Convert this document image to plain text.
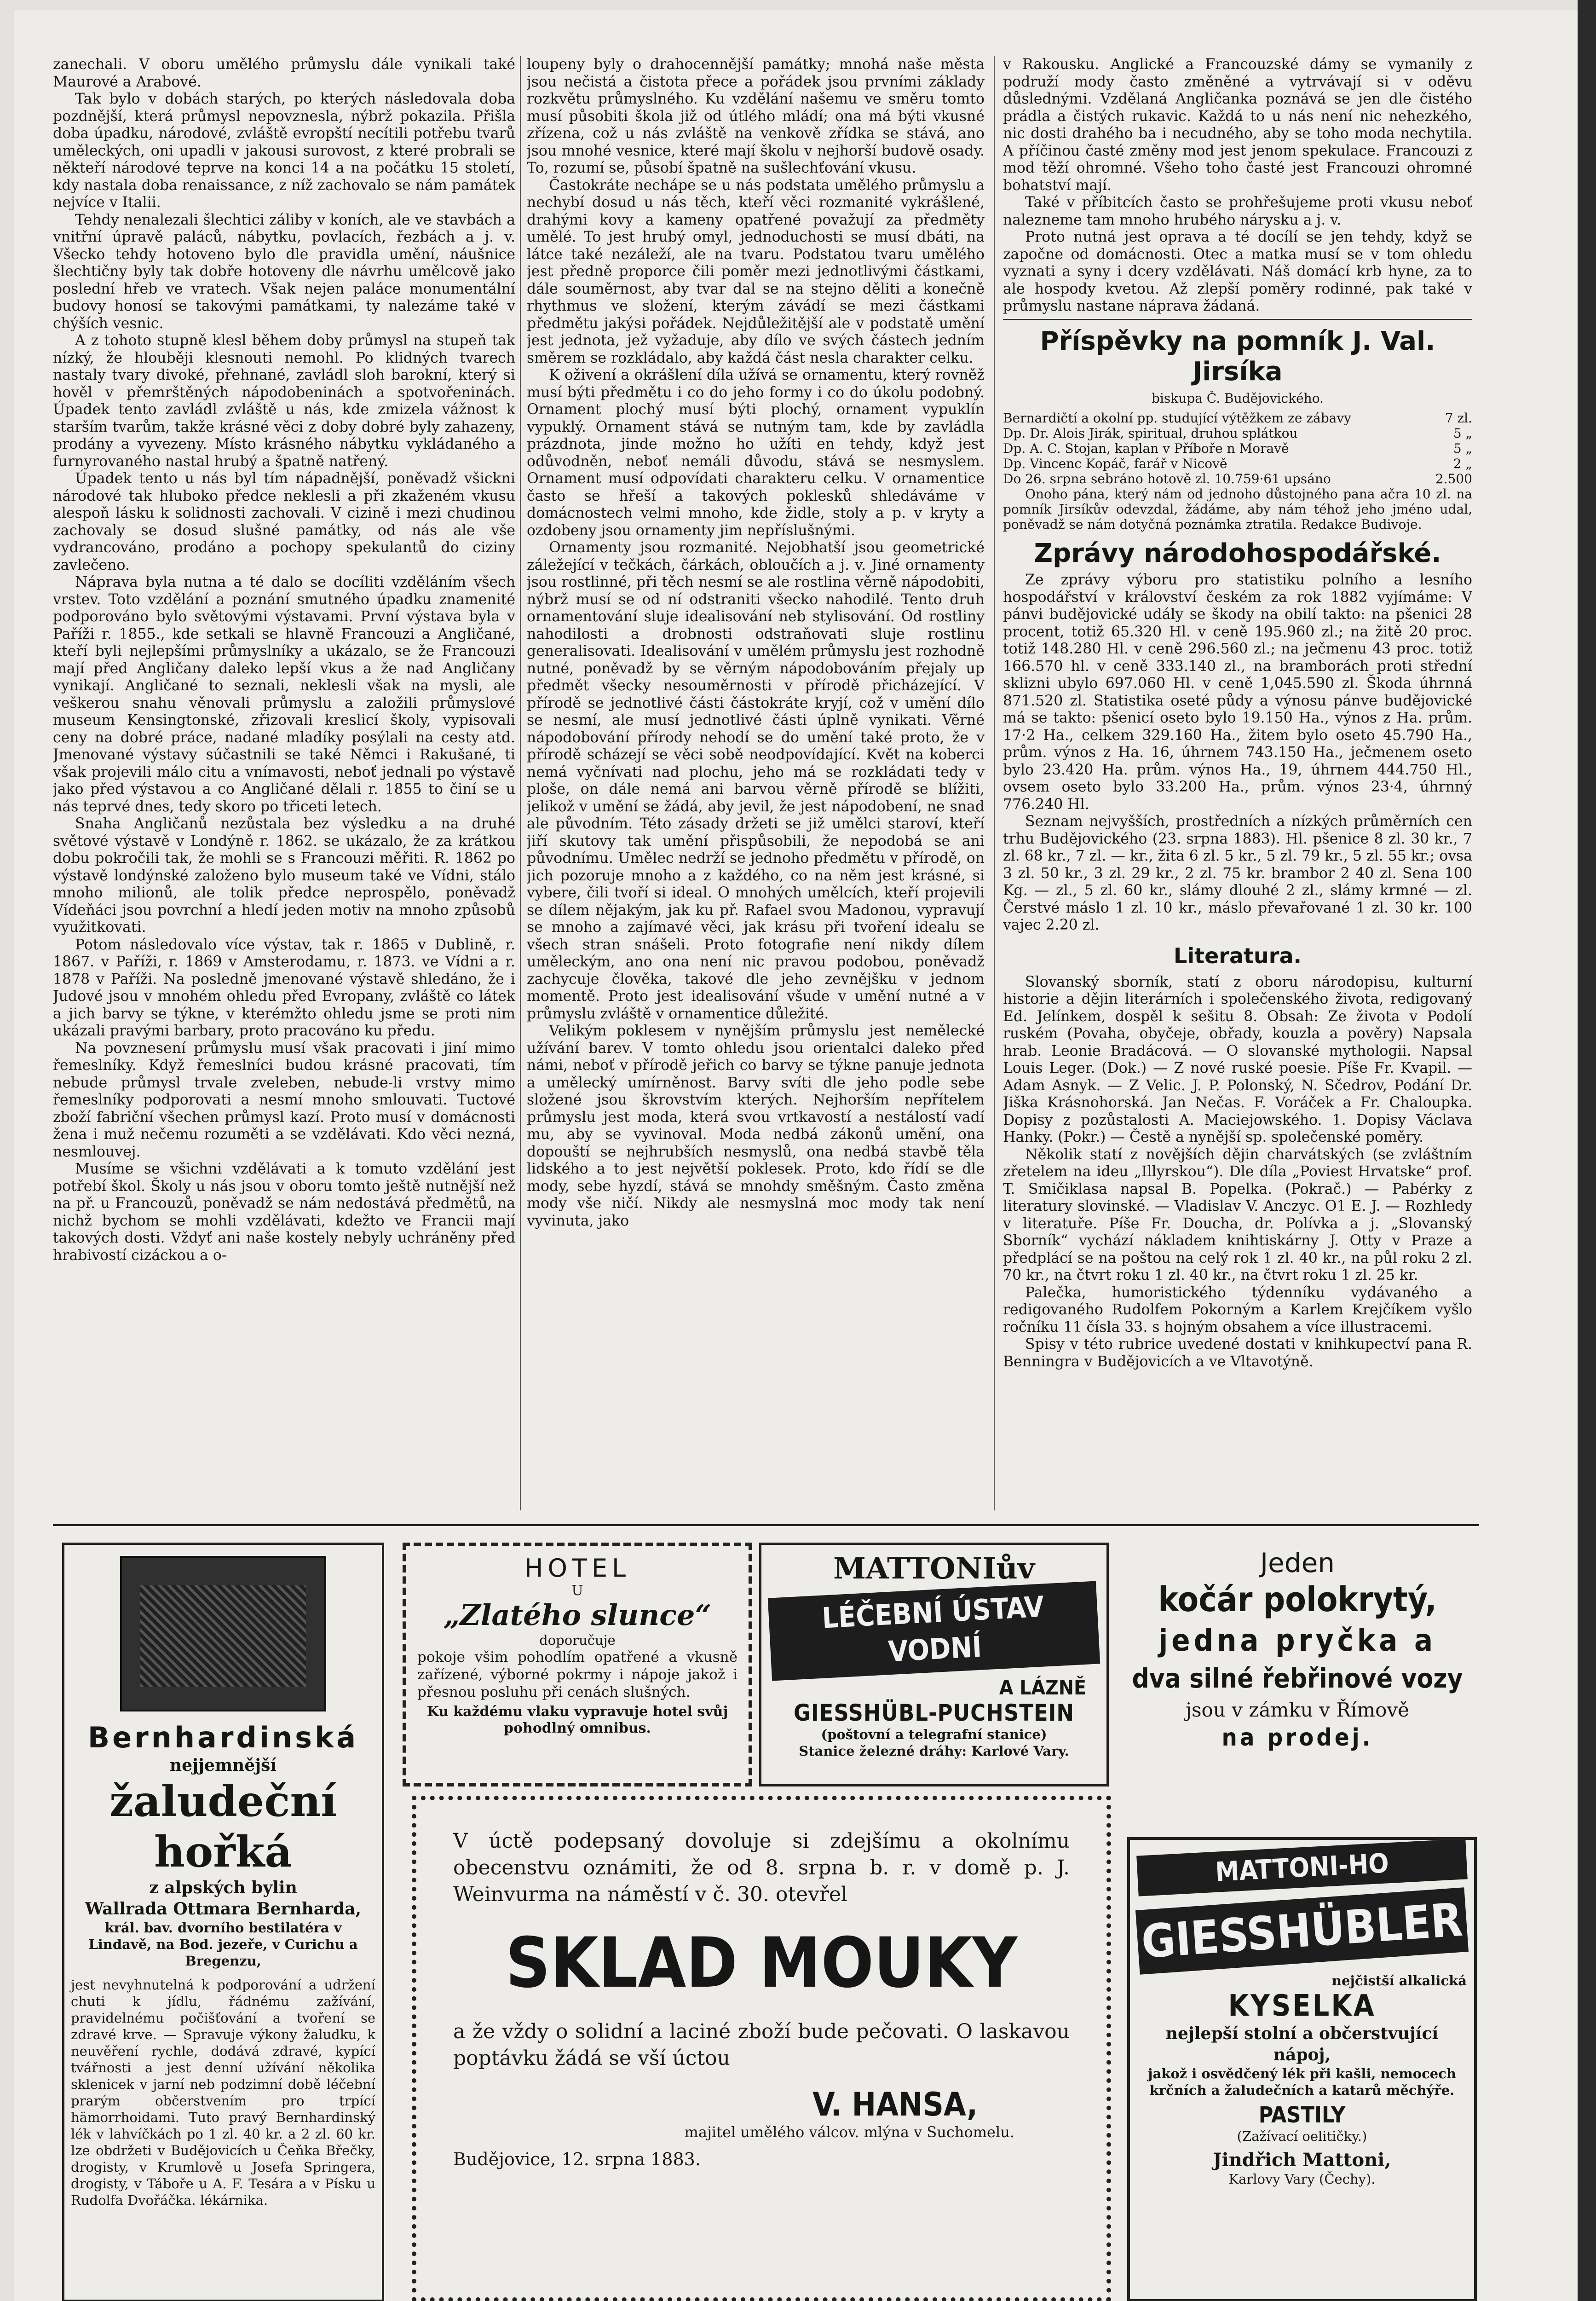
zanechali. V oboru umělého průmyslu dále vynikali také Maurové a Arabové.

Tak bylo v dobách starých, po kterých následovala doba pozdnější, která průmysl nepovznesla, nýbrž pokazila. Přišla doba úpadku, národové, zvláště evropští necítili potřebu tvarů uměleckých, oni upadli v jakousi surovost, z které probrali se někteří národové teprve na konci 14 a na počátku 15 století, kdy nastala doba renaissance, z níž zachovalo se nám památek nejvíce v Italii.

Tehdy nenalezali šlechtici záliby v koních, ale ve stavbách a vnitřní úpravě paláců, nábytku, povlacích, řezbách a j. v. Všecko tehdy hotoveno bylo dle pravidla umění, náušnice šlechtičny byly tak dobře hotoveny dle návrhu umělcově jako poslední hřeb ve vratech. Však nejen paláce monumentální budovy honosí se takovými památkami, ty nalezáme také v chýších vesnic.

A z tohoto stupně klesl během doby průmysl na stupeň tak nízký, že hlouběji klesnouti nemohl. Po klidných tvarech nastaly tvary divoké, přehnané, zavládl sloh barokní, který si hověl v přemrštěných nápodobeninách a spotvořeninách. Úpadek tento zavládl zvláště u nás, kde zmizela vážnost k starším tvarům, takže krásné věci z doby dobré byly zahazeny, prodány a vyvezeny. Místo krásného nábytku vykládaného a furnyrovaného nastal hrubý a špatně natřený.

Úpadek tento u nás byl tím nápadnější, poněvadž všickni národové tak hluboko předce neklesli a při zkaženém vkusu alespoň lásku k solidnosti zachovali. V cizině i mezi chudinou zachovaly se dosud slušné památky, od nás ale vše vydrancováno, prodáno a pochopy spekulantů do ciziny zavlečeno.

Náprava byla nutna a té dalo se docíliti vzděláním všech vrstev. Toto vzdělání a poznání smutného úpadku znamenité podporováno bylo světovými výstavami. První výstava byla v Paříži r. 1855., kde setkali se hlavně Francouzi a Angličané, kteří byli nejlepšími průmyslníky a ukázalo, se že Francouzi mají před Angličany daleko lepší vkus a že nad Angličany vynikají. Angličané to seznali, neklesli však na mysli, ale veškerou snahu věnovali průmyslu a založili průmyslové museum Kensingtonské, zřizovali kreslicí školy, vypisovali ceny na dobré práce, nadané mladíky posýlali na cesty atd. Jmenované výstavy súčastnili se také Němci i Rakušané, ti však projevili málo citu a vnímavosti, neboť jednali po výstavě jako před výstavou a co Angličané dělali r. 1855 to činí se u nás teprvé dnes, tedy skoro po třiceti letech.

Snaha Angličanů nezůstala bez výsledku a na druhé světové výstavě v Londýně r. 1862. se ukázalo, že za krátkou dobu pokročili tak, že mohli se s Francouzi měřiti. R. 1862 po výstavě londýnské založeno bylo museum také ve Vídni, stálo mnoho milionů, ale tolik předce neprospělo, poněvadž Vídeňáci jsou povrchní a hledí jeden motiv na mnoho způsobů využitkovati.

Potom následovalo více výstav, tak r. 1865 v Dublině, r. 1867. v Paříži, r. 1869 v Amsterodamu, r. 1873. ve Vídni a r. 1878 v Paříži. Na posledně jmenované výstavě shledáno, že i Judové jsou v mnohém ohledu před Evropany, zvláště co látek a jich barvy se týkne, v kterémžto ohledu jsme se proti nim ukázali pravými barbary, proto pracováno ku předu.

Na povznesení průmyslu musí však pracovati i jiní mimo řemeslníky. Když řemeslníci budou krásné pracovati, tím nebude průmysl trvale zveleben, nebude-li vrstvy mimo řemeslníky podporovati a nesmí mnoho smlouvati. Tuctové zboží fabriční všechen průmysl kazí. Proto musí v domácnosti žena i muž nečemu rozuměti a se vzdělávati. Kdo věci nezná, nesmlouvej.

Musíme se všichni vzdělávati a k tomuto vzdělání jest potřebí škol. Školy u nás jsou v oboru tomto ještě nutnější než na př. u Francouzů, poněvadž se nám nedostává předmětů, na nichž bychom se mohli vzdělávati, kdežto ve Francii mají takových dosti. Vždyť ani naše kostely nebyly uchráněny před hrabivostí cizáckou a o-

loupeny byly o drahocennější památky; mnohá naše města jsou nečistá a čistota přece a pořádek jsou prvními základy rozkvětu průmyslného. Ku vzdělání našemu ve směru tomto musí působiti škola již od útlého mládí; ona má býti vkusné zřízena, což u nás zvláště na venkově zřídka se stává, ano jsou mnohé vesnice, které mají školu v nejhorší budově osady. To, rozumí se, působí špatně na sušlechťování vkusu.

Častokráte nechápe se u nás podstata umělého průmyslu a nechybí dosud u nás těch, kteří věci rozmanité vykrášlené, drahými kovy a kameny opatřené považují za předměty umělé. To jest hrubý omyl, jednoduchosti se musí dbáti, na látce také nezáleží, ale na tvaru. Podstatou tvaru umělého jest předně proporce čili poměr mezi jednotlivými částkami, dále souměrnost, aby tvar dal se na stejno děliti a konečně rhythmus ve složení, kterým závádí se mezi částkami předmětu jakýsi pořádek. Nejdůležitější ale v podstatě umění jest jednota, jež vyžaduje, aby dílo ve svých částech jedním směrem se rozkládalo, aby každá část nesla charakter celku.

K oživení a okrášlení díla užívá se ornamentu, který rovněž musí býti předmětu i co do jeho formy i co do úkolu podobný. Ornament plochý musí býti plochý, ornament vypuklín vypuklý. Ornament stává se nutným tam, kde by zavládla prázdnota, jinde možno ho užíti en tehdy, když jest odůvodněn, neboť nemáli důvodu, stává se nesmyslem. Ornament musí odpovídati charakteru celku. V ornamentice často se hřeší a takových poklesků shledáváme v domácnostech velmi mnoho, kde židle, stoly a p. v kryty a ozdobeny jsou ornamenty jim nepříslušnými.

Ornamenty jsou rozmanité. Nejobhatší jsou geometrické záležející v tečkách, čárkách, obloučích a j. v. Jiné ornamenty jsou rostlinné, při těch nesmí se ale rostlina věrně nápodobiti, nýbrž musí se od ní odstraniti všecko nahodilé. Tento druh ornamentování sluje idealisování neb stylisování. Od rostliny nahodilosti a drobnosti odstraňovati sluje rostlinu generalisovati. Idealisování v umělém průmyslu jest rozhodně nutné, poněvadž by se věrným nápodobováním přejaly up předmět všecky nesouměrnosti v přírodě přicházející. V přírodě se jednotlivé části částokráte kryjí, což v umění dílo se nesmí, ale musí jednotlivé části úplně vynikati. Věrné nápodobování přírody nehodí se do umění také proto, že v přírodě scházejí se věci sobě neodpovídající. Květ na koberci nemá vyčnívati nad plochu, jeho má se rozkládati tedy v ploše, on dále nemá ani barvou věrně přírodě se blížiti, jelikož v umění se žádá, aby jevil, že jest nápodobení, ne snad ale původním. Této zásady držeti se již umělci staroví, kteří jiří skutovy tak umění přispůsobili, že nepodobá se ani původnímu. Umělec nedrží se jednoho předmětu v přírodě, on jich pozoruje mnoho a z každého, co na něm jest krásné, si vybere, čili tvoří si ideal. O mnohých umělcích, kteří projevili se dílem nějakým, jak ku př. Rafael svou Madonou, vypravují se mnoho a zajímavé věci, jak krásu při tvoření idealu se všech stran snášeli. Proto fotografie není nikdy dílem uměleckým, ano ona není nic pravou podobou, poněvadž zachycuje člověka, takové dle jeho zevnějšku v jednom momentě. Proto jest idealisování všude v umění nutné a v průmyslu zvláště v ornamentice důležité.

Velikým poklesem v nynějším průmyslu jest nemělecké užívání barev. V tomto ohledu jsou orientalci daleko před námi, neboť v přírodě jeřich co barvy se týkne panuje jednota a umělecký umírněnost. Barvy svíti dle jeho podle sebe složené jsou škrovstvím kterých. Nejhorším nepřítelem průmyslu jest moda, která svou vrtkavostí a nestálostí vadí mu, aby se vyvinoval. Moda nedbá zákonů umění, ona dopouští se nejhrubších nesmyslů, ona nedbá stavbě těla lidského a to jest největší poklesek. Proto, kdo řídí se dle mody, sebe hyzdí, stává se mnohdy směšným. Často změna mody vše ničí. Nikdy ale nesmyslná moc mody tak není vyvinuta, jako

v Rakousku. Anglické a Francouzské dámy se vymanily z podruží mody často změněné a vytrvávají si v oděvu důslednými. Vzdělaná Angličanka poznává se jen dle čistého prádla a čistých rukavic. Každá to u nás není nic nehezkého, nic dosti drahého ba i necudného, aby se toho moda nechytila. A příčinou časté změny mod jest jenom spekulace. Francouzi z mod těží ohromné. Všeho toho časté jest Francouzi ohromné bohatství mají.

Také v příbitcích často se prohřešujeme proti vkusu neboť nalezneme tam mnoho hrubého nárysku a j. v.

Proto nutná jest oprava a té docílí se jen tehdy, když se započne od domácnosti. Otec a matka musí se v tom ohledu vyznati a syny i dcery vzdělávati. Náš domácí krb hyne, za to ale hospody kvetou. Až zlepší poměry rodinné, pak také v průmyslu nastane náprava žádaná.

Příspěvky na pomník J. Val. Jirsíka
biskupa Č. Budějovického.
Bernardičtí a okolní pp. studující výtěžkem ze zábavy	7 zl.
Dp. Dr. Alois Jirák, spiritual, druhou splátkou	5 „
Dp. A. C. Stojan, kaplan v Příboře n Moravě	5 „
Dp. Vincenc Kopáč, farář v Nicově	2 „
Do 26. srpna sebráno hotově zl. 10.759·61 upsáno	2.500

Onoho pána, který nám od jednoho důstojného pana ačra 10 zl. na pomník Jirsíkův odevzdal, žádáme, aby nám téhož jeho jméno udal, poněvadž se nám dotyčná poznámka ztratila. Redakce Budivoje.

Zprávy národohospodářské.

Ze zprávy výboru pro statistiku polního a lesního hospodářství v království českém za rok 1882 vyjímáme: V pánvi budějovické udály se škody na obilí takto: na pšenici 28 procent, totiž 65.320 Hl. v ceně 195.960 zl.; na žitě 20 proc. totiž 148.280 Hl. v ceně 296.560 zl.; na ječmenu 43 proc. totiž 166.570 hl. v ceně 333.140 zl., na bramborách proti střední sklizni ubylo 697.060 Hl. v ceně 1,045.590 zl. Škoda úhrnná 871.520 zl. Statistika oseté půdy a výnosu pánve budějovické má se takto: pšenicí oseto bylo 19.150 Ha., výnos z Ha. prům. 17·2 Ha., celkem 329.160 Ha., žitem bylo oseto 45.790 Ha., prům. výnos z Ha. 16, úhrnem 743.150 Ha., ječmenem oseto bylo 23.420 Ha. prům. výnos Ha., 19, úhrnem 444.750 Hl., ovsem oseto bylo 33.200 Ha., prům. výnos 23·4, úhrnný 776.240 Hl.

Seznam nejvyšších, prostředních a nízkých průměrních cen trhu Budějovického (23. srpna 1883). Hl. pšenice 8 zl. 30 kr., 7 zl. 68 kr., 7 zl. — kr., žita 6 zl. 5 kr., 5 zl. 79 kr., 5 zl. 55 kr.; ovsa 3 zl. 50 kr., 3 zl. 29 kr., 2 zl. 75 kr. brambor 2 40 zl. Sena 100 Kg. — zl., 5 zl. 60 kr., slámy dlouhé 2 zl., slámy krmné — zl. Čerstvé máslo 1 zl. 10 kr., máslo převařované 1 zl. 30 kr. 100 vajec 2.20 zl.

Literatura.

Slovanský sborník, statí z oboru národopisu, kulturní historie a dějin literárních i společenského života, redigovaný Ed. Jelínkem, dospěl k sešitu 8. Obsah: Ze života v Podolí ruském (Povaha, obyčeje, obřady, kouzla a pověry) Napsala hrab. Leonie Bradácová. — O slovanské mythologii. Napsal Louis Leger. (Dok.) — Z nové ruské poesie. Píše Fr. Kvapil. — Adam Asnyk. — Z Velic. J. P. Polonský, N. Sčedrov, Podání Dr. Jiška Krásnohorská. Jan Nečas. F. Voráček a Fr. Chaloupka. Dopisy z pozůstalosti A. Maciejowského. 1. Dopisy Václava Hanky. (Pokr.) — Čestě a nynější sp. společenské poměry.

Několik statí z novějších dějin charvátských (se zvláštním zřetelem na ideu „Illyrskou“). Dle díla „Poviest Hrvatske“ prof. T. Smičiklasa napsal B. Popelka. (Pokrač.) — Pabérky z literatury slovinské. — Vladislav V. Anczyc. O1 E. J. — Rozhledy v literatuře. Píše Fr. Doucha, dr. Polívka a j. „Slovanský Sborník“ vychází nákladem knihtiskárny J. Otty v Praze a předplácí se na poštou na celý rok 1 zl. 40 kr., na půl roku 2 zl. 70 kr., na čtvrt roku 1 zl. 40 kr., na čtvrt roku 1 zl. 25 kr.

Palečka, humoristického týdenníku vydávaného a redigovaného Rudolfem Pokorným a Karlem Krejčíkem vyšlo ročníku 11 čísla 33. s hojným obsahem a více illustracemi.

Spisy v této rubrice uvedené dostati v knihkupectví pana R. Benningra v Budějovicích a ve Vltavotýně.

Bernhardinská
nejjemnější
žaludeční hořká
z alpských bylin
Wallrada Ottmara Bernharda,
král. bav. dvorního bestilatéra v Lindavě, na Bod. jezeře, v Curichu a Bregenzu,
jest nevyhnutelná k podporování a udržení chuti k jídlu, řádnému zažívání, pravidelnému počišťování a tvoření se zdravé krve. — Spravuje výkony žaludku, k neuvěření rychle, dodává zdravé, kypící tvářnosti a jest denní užívání několika sklenicek v jarní neb podzimní době léčební prarým občerstvením pro trpící hämorrhoidami. Tuto pravý Bernhardinský lék v lahvíčkách po 1 zl. 40 kr. a 2 zl. 60 kr. lze obdržeti v Budějovicích u Čeňka Břečky, drogisty, v Krumlově u Josefa Springera, drogisty, v Táboře u A. F. Tesára a v Písku u Rudolfa Dvořáčka. lékárnika.
HOTEL
U
„Zlatého slunce“
doporučuje
pokoje všim pohodlím opatřené a vkusně zařízené, výborné pokrmy i nápoje jakož i přesnou posluhu při cenách slušných.
Ku každému vlaku vypravuje hotel svůj pohodlný omnibus.
MATTONIův
LÉČEBNÍ ÚSTAV VODNÍ
A LÁZNĚ
GIESSHÜBL-PUCHSTEIN
(poštovní a telegrafní stanice)
Stanice železné dráhy: Karlové Vary.
Jeden
kočár polokrytý,
jedna pryčka a
dva silné řebřinové vozy
jsou v zámku v Římově
na prodej.
V úctě podepsaný dovoluje si zdejšímu a okolnímu obecenstvu oznámiti, že od 8. srpna b. r. v domě p. J. Weinvurma na náměstí v č. 30. otevřel
SKLAD MOUKY
a že vždy o solidní a laciné zboží bude pečovati. O laskavou poptávku žádá se vší úctou
V. HANSA,
majitel umělého válcov. mlýna v Suchomelu.
Budějovice, 12. srpna 1883.
MATTONI-HO
GIESSHÜBLER
nejčistší alkalická
KYSELKA
nejlepší stolní a občerstvující nápoj,
jakož i osvědčený lék při kašli, nemocech krčních a žaludečních a katarů měchýře.
PASTILY
(Zažívací oelitičky.)
Jindřich Mattoni,
Karlovy Vary (Čechy).
